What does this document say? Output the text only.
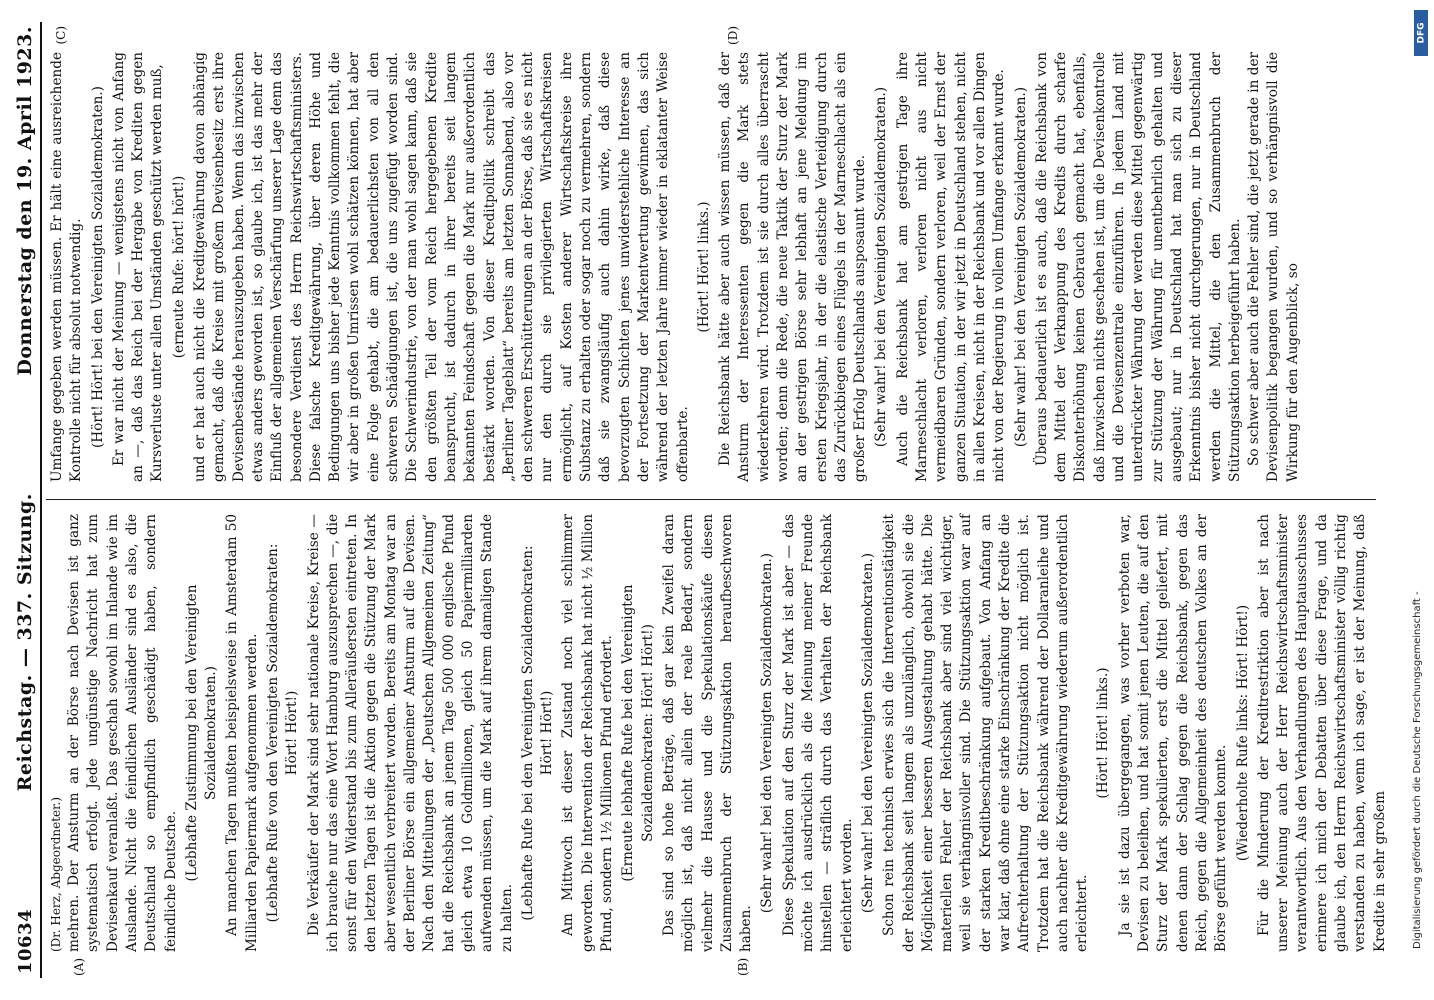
10634
Reichstag. — 337. Sitzung.
Donnerstag den 19. April 1923.
(A)	(B)
(C)	(D)

(Dr. Herz, Abgeordneter.) mehren. Der Ansturm an der Börse nach Devisen ist ganz systematisch erfolgt. Jede ungünstige Nachricht hat zum Devisenkauf veranlaßt. Das geschah sowohl im Inlande wie im Auslande. Nicht die feindlichen Ausländer sind es also, die Deutschland so empfindlich geschädigt haben, sondern feindliche Deutsche. (Lebhafte Zustimmung bei den Vereinigten Sozialdemokraten.) An manchen Tagen mußten beispielsweise in Amsterdam 50 Milliarden Papiermark aufgenommen werden. (Lebhafte Rufe von den Vereinigten Sozialdemokraten: Hört! Hört!) Die Verkäufer der Mark sind sehr nationale Kreise, Kreise — ich brauche nur das eine Wort Hamburg auszusprechen —, die sonst für den Widerstand bis zum Alleräußersten eintreten. In den letzten Tagen ist die Aktion gegen die Stützung der Mark aber wesentlich verbreitert worden. Bereits am Montag war an der Berliner Börse ein allgemeiner Ansturm auf die Devisen. Nach den Mitteilungen der „Deutschen Allgemeinen Zeitung“ hat die Reichsbank an jenem Tage 500 000 englische Pfund gleich etwa 10 Goldmillionen, gleich 50 Papiermilliarden aufwenden müssen, um die Mark auf ihrem damaligen Stande zu halten. (Lebhafte Rufe bei den Vereinigten Sozialdemokraten: Hört! Hört!) Am Mittwoch ist dieser Zustand noch viel schlimmer geworden. Die Intervention der Reichsbank hat nicht ½ Million Pfund, sondern 1½ Millionen Pfund erfordert. (Erneute lebhafte Rufe bei den Vereinigten Sozialdemokraten: Hört! Hört!) Das sind so hohe Beträge, daß gar kein Zweifel daran möglich ist, daß nicht allein der reale Bedarf, sondern vielmehr die Hausse und die Spekulationskäufe diesen Zusammenbruch der Stützungsaktion heraufbeschworen haben.

(Sehr wahr! bei den Vereinigten Sozialdemokraten.) Diese Spekulation auf den Sturz der Mark ist aber — das möchte ich ausdrücklich als die Meinung meiner Freunde hinstellen — sträflich durch das Verhalten der Reichsbank erleichtert worden. (Sehr wahr! bei den Vereinigten Sozialdemokraten.) Schon rein technisch erwies sich die Interventionstätigkeit der Reichsbank seit langem als unzulänglich, obwohl sie die Möglichkeit einer besseren Ausgestaltung gehabt hätte. Die materiellen Fehler der Reichsbank aber sind viel wichtiger, weil sie verhängnisvoller sind. Die Stützungsaktion war auf der starken Kreditbeschränkung aufgebaut. Von Anfang an war klar, daß ohne eine starke Einschränkung der Kredite die Aufrechterhaltung der Stützungsaktion nicht möglich ist. Trotzdem hat die Reichsbank während der Dollaranleihe und auch nachher die Kreditgewährung wiederum außerordentlich erleichtert.

(Hört! Hört! links.) Ja sie ist dazu übergegangen, was vorher verboten war, Devisen zu beleihen, und hat somit jenen Leuten, die auf den Sturz der Mark spekulierten, erst die Mittel geliefert, mit denen dann der Schlag gegen die Reichsbank, gegen das Reich, gegen die Allgemeinheit des deutschen Volkes an der Börse geführt werden konnte. (Wiederholte Rufe links: Hört! Hört!) Für die Minderung der Kreditrestriktion aber ist nach unserer Meinung auch der Herr Reichswirtschaftsminister verantwortlich. Aus den Verhandlungen des Hauptausschusses erinnere ich mich der Debatten über diese Frage, und da glaube ich, den Herrn Reichswirtschaftsminister völlig richtig verstanden zu haben, wenn ich sage, er ist der Meinung, daß Kredite in sehr großem

Umfange gegeben werden müssen. Er hält eine ausreichende Kontrolle nicht für absolut notwendig. (Hört! Hört! bei den Vereinigten Sozialdemokraten.) Er war nicht der Meinung — wenigstens nicht von Anfang an —, daß das Reich bei der Hergabe von Krediten gegen Kursverluste unter allen Umständen geschützt werden muß, (erneute Rufe: hört! hört!) und er hat auch nicht die Kreditgewährung davon abhängig gemacht, daß die Kreise mit großem Devisenbesitz erst ihre Devisenbestände herauszugeben haben. Wenn das inzwischen etwas anders geworden ist, so glaube ich, ist das mehr der Einfluß der allgemeinen Verschärfung unserer Lage denn das besondere Verdienst des Herrn Reichswirtschaftsministers. Diese falsche Kreditgewährung, über deren Höhe und Bedingungen uns bisher jede Kenntnis vollkommen fehlt, die wir aber in großen Umrissen wohl schätzen können, hat aber eine Folge gehabt, die am bedauerlichsten von all den schweren Schädigungen ist, die uns zugefügt worden sind. Die Schwerindustrie, von der man wohl sagen kann, daß sie den größten Teil der vom Reich hergegebenen Kredite beansprucht, ist dadurch in ihrer bereits seit langem bekannten Feindschaft gegen die Mark nur außerordentlich bestärkt worden. Von dieser Kreditpolitik schreibt das „Berliner Tageblatt“ bereits am letzten Sonnabend, also vor den schweren Erschütterungen an der Börse, daß sie es nicht nur den durch sie privilegierten Wirtschaftskreisen ermöglicht, auf Kosten anderer Wirtschaftskreise ihre Substanz zu erhalten oder sogar noch zu vermehren, sondern daß sie zwangsläufig auch dahin wirke, daß diese bevorzugten Schichten jenes unwiderstehliche Interesse an der Fortsetzung der Markentwertung gewinnen, das sich während der letzten Jahre immer wieder in eklatanter Weise offenbarte.

(Hört! Hört! links.) Die Reichsbank hätte aber auch wissen müssen, daß der Ansturm der Interessenten gegen die Mark stets wiederkehren wird. Trotzdem ist sie durch alles überrascht worden; denn die Rede, die neue Taktik der Sturz der Mark an der gestrigen Börse sehr lebhaft an jene Meldung im ersten Kriegsjahr, in der die elastische Verteidigung durch das Zurückbiegen eines Flügels in der Marneschlacht als ein großer Erfolg Deutschlands ausposaunt wurde. (Sehr wahr! bei den Vereinigten Sozialdemokraten.) Auch die Reichsbank hat am gestrigen Tage ihre Marneschlacht verloren, verloren nicht aus nicht vermeidbaren Gründen, sondern verloren, weil der Ernst der ganzen Situation, in der wir jetzt in Deutschland stehen, nicht in allen Kreisen, nicht in der Reichsbank und vor allen Dingen nicht von der Regierung in vollem Umfange erkannt wurde. (Sehr wahr! bei den Vereinigten Sozialdemokraten.) Überaus bedauerlich ist es auch, daß die Reichsbank von dem Mittel der Verknappung des Kredits durch scharfe Diskonterhöhung keinen Gebrauch gemacht hat, ebenfalls, daß inzwischen nichts geschehen ist, um die Devisenkontrolle und die Devisenzentrale einzuführen. In jedem Land mit unterdrückter Währung der werden diese Mittel gegenwärtig zur Stützung der Währung für unentbehrlich gehalten und ausgebaut; nur in Deutschland hat man sich zu dieser Erkenntnis bisher nicht durchgerungen, nur in Deutschland werden die Mittel, die den Zusammenbruch der Stützungsaktion herbeigeführt haben. So schwer aber auch die Fehler sind, die jetzt gerade in der Devisenpolitik begangen wurden, und so verhängnisvoll die Wirkung für den Augenblick, so

DFG
Digitalisierung gefördert durch die Deutsche Forschungsgemeinschaft -
